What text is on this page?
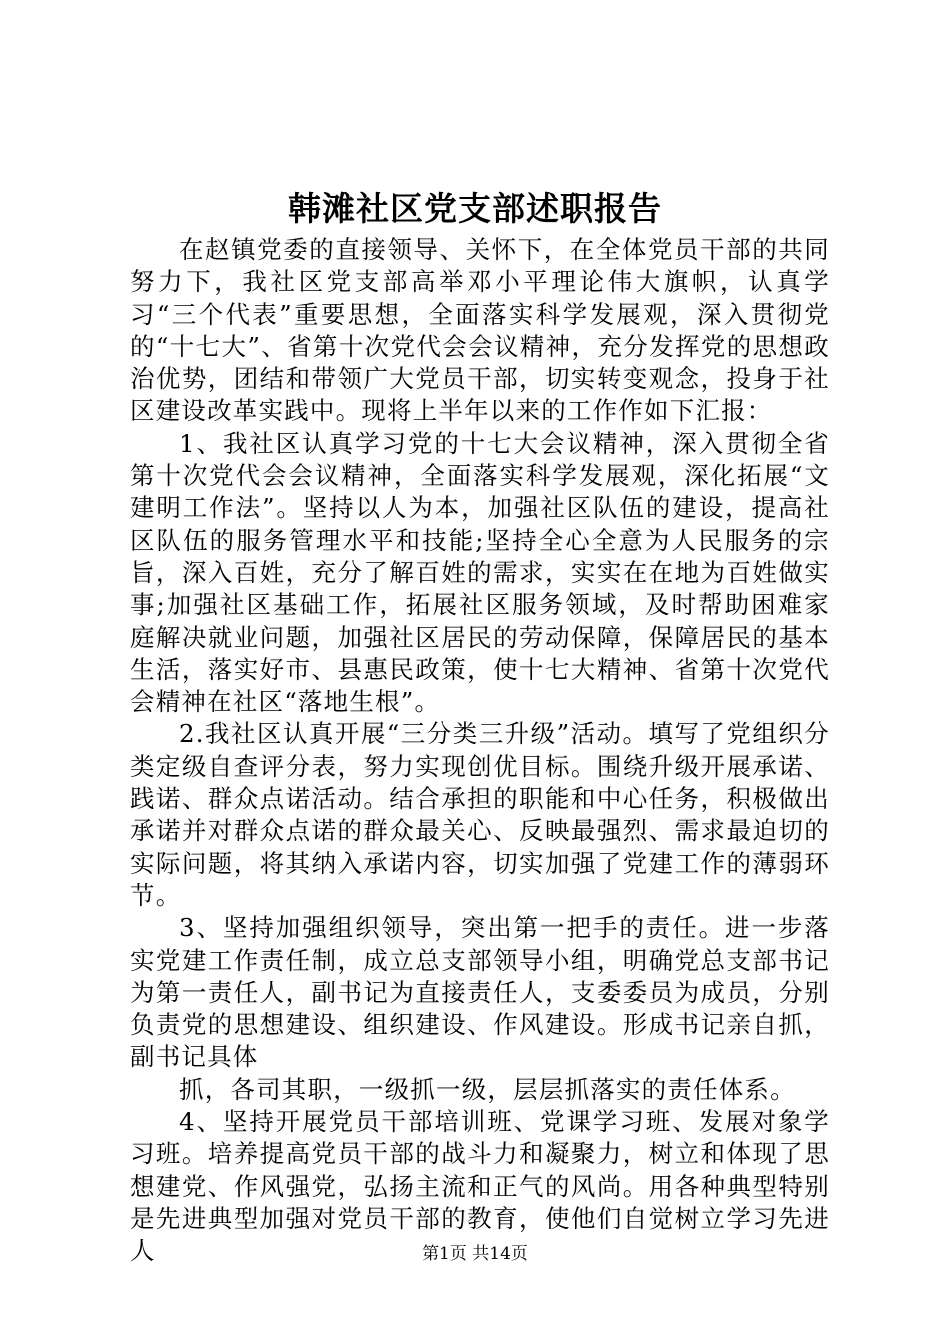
韩滩社区党支部述职报告

在赵镇党委的直接领导、关怀下，在全体党员干部的共同努力下，我社区党支部高举邓小平理论伟大旗帜，认真学习“三个代表”重要思想，全面落实科学发展观，深入贯彻党的“十七大”、省第十次党代会会议精神，充分发挥党的思想政治优势，团结和带领广大党员干部，切实转变观念，投身于社区建设改革实践中。现将上半年以来的工作作如下汇报：

1、我社区认真学习党的十七大会议精神，深入贯彻全省第十次党代会会议精神，全面落实科学发展观，深化拓展“文建明工作法”。坚持以人为本，加强社区队伍的建设，提高社区队伍的服务管理水平和技能;坚持全心全意为人民服务的宗旨，深入百姓，充分了解百姓的需求，实实在在地为百姓做实事;加强社区基础工作，拓展社区服务领域，及时帮助困难家庭解决就业问题，加强社区居民的劳动保障，保障居民的基本生活，落实好市、县惠民政策，使十七大精神、省第十次党代会精神在社区“落地生根”。

2.我社区认真开展“三分类三升级”活动。填写了党组织分类定级自查评分表，努力实现创优目标。围绕升级开展承诺、践诺、群众点诺活动。结合承担的职能和中心任务，积极做出承诺并对群众点诺的群众最关心、反映最强烈、需求最迫切的实际问题，将其纳入承诺内容，切实加强了党建工作的薄弱环节。

3、坚持加强组织领导，突出第一把手的责任。进一步落实党建工作责任制，成立总支部领导小组，明确党总支部书记为第一责任人，副书记为直接责任人，支委委员为成员，分别负责党的思想建设、组织建设、作风建设。形成书记亲自抓，副书记具体

抓，各司其职，一级抓一级，层层抓落实的责任体系。

4、坚持开展党员干部培训班、党课学习班、发展对象学习班。培养提高党员干部的战斗力和凝聚力，树立和体现了思想建党、作风强党，弘扬主流和正气的风尚。用各种典型特别是先进典型加强对党员干部的教育，使他们自觉树立学习先进人	第1页 共14页
